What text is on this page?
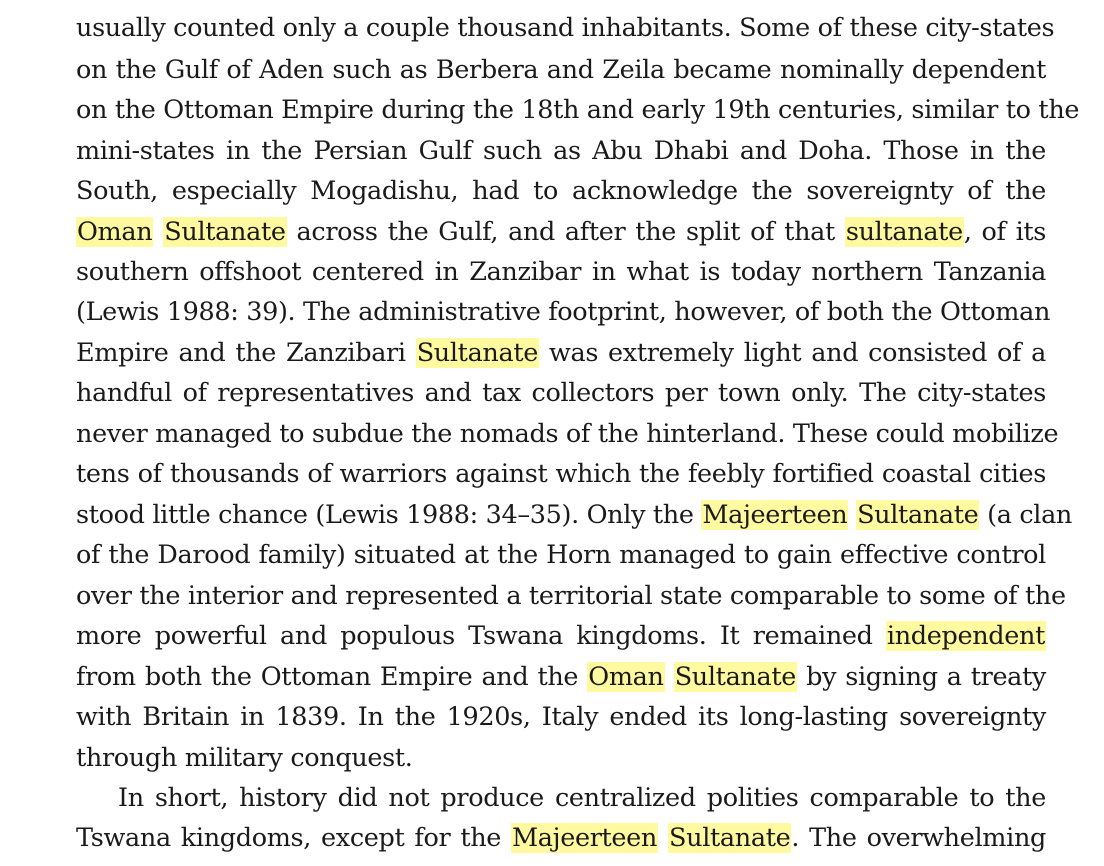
usually counted only a couple thousand inhabitants. Some of these city-states
on the Gulf of Aden such as Berbera and Zeila became nominally dependent
on the Ottoman Empire during the 18th and early 19th centuries, similar to the
mini-states in the Persian Gulf such as Abu Dhabi and Doha. Those in the
South, especially Mogadishu, had to acknowledge the sovereignty of the
Oman Sultanate across the Gulf, and after the split of that sultanate, of its
southern offshoot centered in Zanzibar in what is today northern Tanzania
(Lewis 1988: 39). The administrative footprint, however, of both the Ottoman
Empire and the Zanzibari Sultanate was extremely light and consisted of a
handful of representatives and tax collectors per town only. The city-states
never managed to subdue the nomads of the hinterland. These could mobilize
tens of thousands of warriors against which the feebly fortified coastal cities
stood little chance (Lewis 1988: 34–35). Only the Majeerteen Sultanate (a clan
of the Darood family) situated at the Horn managed to gain effective control
over the interior and represented a territorial state comparable to some of the
more powerful and populous Tswana kingdoms. It remained independent
from both the Ottoman Empire and the Oman Sultanate by signing a treaty
with Britain in 1839. In the 1920s, Italy ended its long-lasting sovereignty
through military conquest.
In short, history did not produce centralized polities comparable to the
Tswana kingdoms, except for the Majeerteen Sultanate. The overwhelming
